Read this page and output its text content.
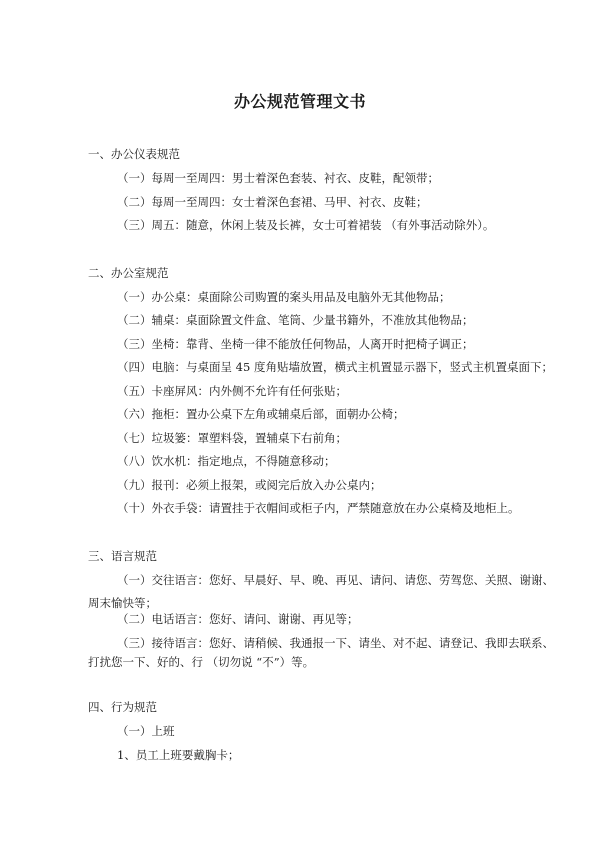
办公规范管理文书

一、办公仪表规范

（一）每周一至周四：男士着深色套装、衬衣、皮鞋，配领带；

（二）每周一至周四：女士着深色套裙、马甲、衬衣、皮鞋；

（三）周五：随意，休闲上装及长裤，女士可着裙装 （有外事活动除外）。

二、办公室规范

（一）办公桌：桌面除公司购置的案头用品及电脑外无其他物品；

（二）辅桌：桌面除置文件盒、笔筒、少量书籍外，不准放其他物品；

（三）坐椅：靠背、坐椅一律不能放任何物品，人离开时把椅子调正；

（四）电脑：与桌面呈 45 度角贴墙放置，横式主机置显示器下，竖式主机置桌面下；

（五）卡座屏风：内外侧不允许有任何张贴；

（六）拖柜：置办公桌下左角或辅桌后部，面朝办公椅；

（七）垃圾篓：罩塑料袋，置辅桌下右前角；

（八）饮水机：指定地点，不得随意移动；

（九）报刊：必须上报架，或阅完后放入办公桌内；

（十）外衣手袋：请置挂于衣帽间或柜子内，严禁随意放在办公桌椅及地柜上。

三、语言规范

（一）交往语言：您好、早晨好、早、晚、再见、请问、请您、劳驾您、关照、谢谢、

周末愉快等；

（二）电话语言：您好、请问、谢谢、再见等；

（三）接待语言：您好、请稍候、我通报一下、请坐、对不起、请登记、我即去联系、

打扰您一下、好的、行 （切勿说 “不”）等。

四、行为规范

（一）上班

1、员工上班要戴胸卡；
